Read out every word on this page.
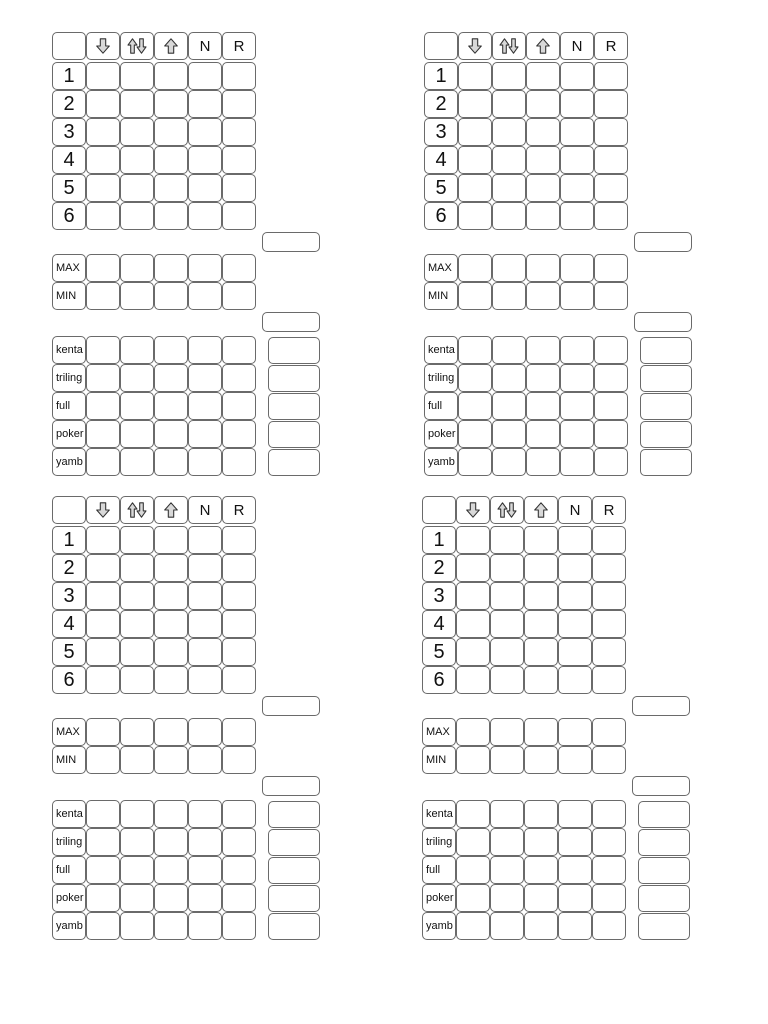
N R
1
2
3
4
5
6
MAX
MIN
kenta
triling
full
poker
yamb
N R
1
2
3
4
5
6
MAX
MIN
kenta
triling
full
poker
yamb
N R
1
2
3
4
5
6
MAX
MIN
kenta
triling
full
poker
yamb
N R
1
2
3
4
5
6
MAX
MIN
kenta
triling
full
poker
yamb
